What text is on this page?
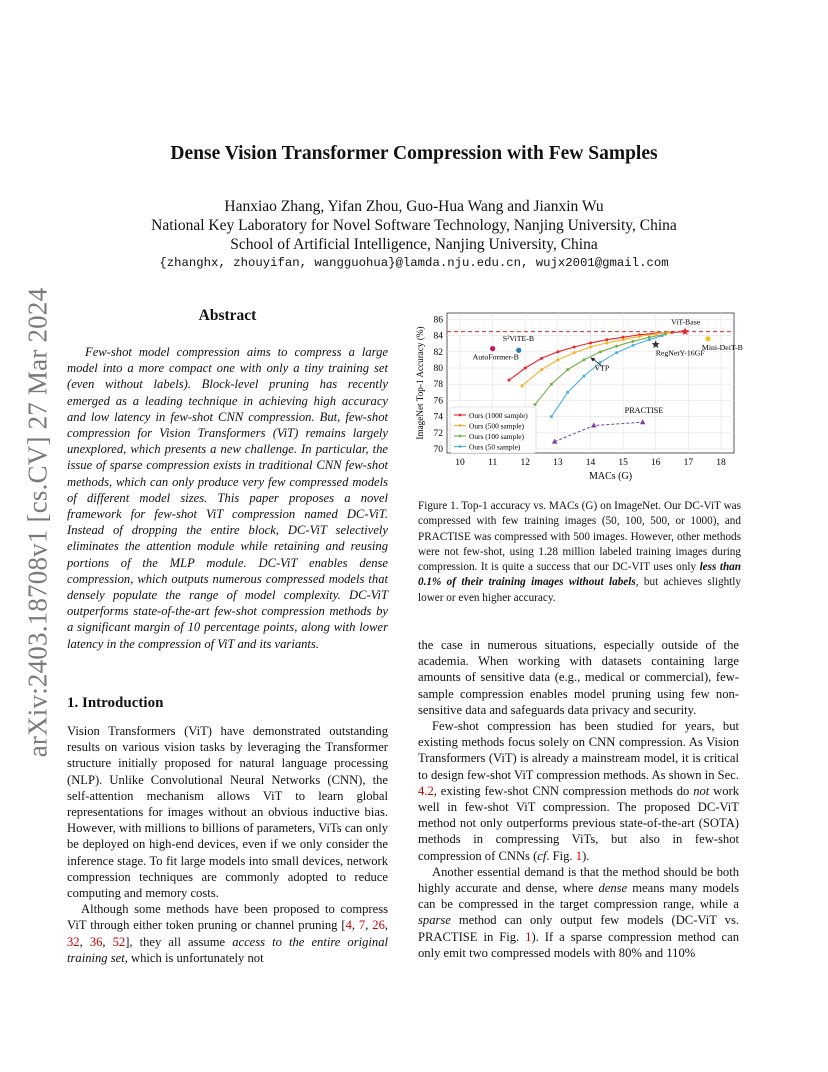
arXiv:2403.18708v1 [cs.CV] 27 Mar 2024
Dense Vision Transformer Compression with Few Samples
Hanxiao Zhang, Yifan Zhou, Guo-Hua Wang and Jianxin Wu
National Key Laboratory for Novel Software Technology, Nanjing University, China
School of Artificial Intelligence, Nanjing University, China
{zhanghx, zhouyifan, wangguohua}@lamda.nju.edu.cn, wujx2001@gmail.com
Abstract
Few-shot model compression aims to compress a large model into a more compact one with only a tiny training set (even without labels). Block-level pruning has recently emerged as a leading technique in achieving high accuracy and low latency in few-shot CNN compression. But, few-shot compression for Vision Transformers (ViT) remains largely unexplored, which presents a new challenge. In particular, the issue of sparse compression exists in traditional CNN few-shot methods, which can only produce very few compressed models of different model sizes. This paper proposes a novel framework for few-shot ViT compression named DC-ViT. Instead of dropping the entire block, DC-ViT selectively eliminates the attention module while retaining and reusing portions of the MLP module. DC-ViT enables dense compression, which outputs numerous compressed models that densely populate the range of model complexity. DC-ViT outperforms state-of-the-art few-shot compression methods by a significant margin of 10 percentage points, along with lower latency in the compression of ViT and its variants.
1. Introduction

Vision Transformers (ViT) have demonstrated outstanding results on various vision tasks by leveraging the Transformer structure initially proposed for natural language processing (NLP). Unlike Convolutional Neural Networks (CNN), the self-attention mechanism allows ViT to learn global representations for images without an obvious inductive bias. However, with millions to billions of parameters, ViTs can only be deployed on high-end devices, even if we only consider the inference stage. To fit large models into small devices, network compression techniques are commonly adopted to reduce computing and memory costs.

Although some methods have been proposed to compress ViT through either token pruning or channel pruning [4, 7, 26, 32, 36, 52], they all assume access to the entire original training set, which is unfortunately not

10 11 12 13 14 15 16 17 18
70
72
74
76
78
80
82
84
86
MACs (G)
ImageNet Top-1 Accuracy (%)	PRACTISE
ViT-Base
S²ViTE-B
AutoFormer-B
Mini-DeiT-B
RegNetY-16GF
VTP
Ours (1000 sample)
Ours (500 sample)
Ours (100 sample)
Ours (50 sample)
Figure 1. Top-1 accuracy vs. MACs (G) on ImageNet. Our DC-ViT was compressed with few training images (50, 100, 500, or 1000), and PRACTISE was compressed with 500 images. However, other methods were not few-shot, using 1.28 million labeled training images during compression. It is quite a success that our DC-VIT uses only less than 0.1% of their training images without labels, but achieves slightly lower or even higher accuracy.

the case in numerous situations, especially outside of the academia. When working with datasets containing large amounts of sensitive data (e.g., medical or commercial), few-sample compression enables model pruning using few non-sensitive data and safeguards data privacy and security.

Few-shot compression has been studied for years, but existing methods focus solely on CNN compression. As Vision Transformers (ViT) is already a mainstream model, it is critical to design few-shot ViT compression methods. As shown in Sec. 4.2, existing few-shot CNN compression methods do not work well in few-shot ViT compression. The proposed DC-ViT method not only outperforms previous state-of-the-art (SOTA) methods in compressing ViTs, but also in few-shot compression of CNNs (cf. Fig. 1).

Another essential demand is that the method should be both highly accurate and dense, where dense means many models can be compressed in the target compression range, while a sparse method can only output few models (DC-ViT vs. PRACTISE in Fig. 1). If a sparse compression method can only emit two compressed models with 80% and 110%
